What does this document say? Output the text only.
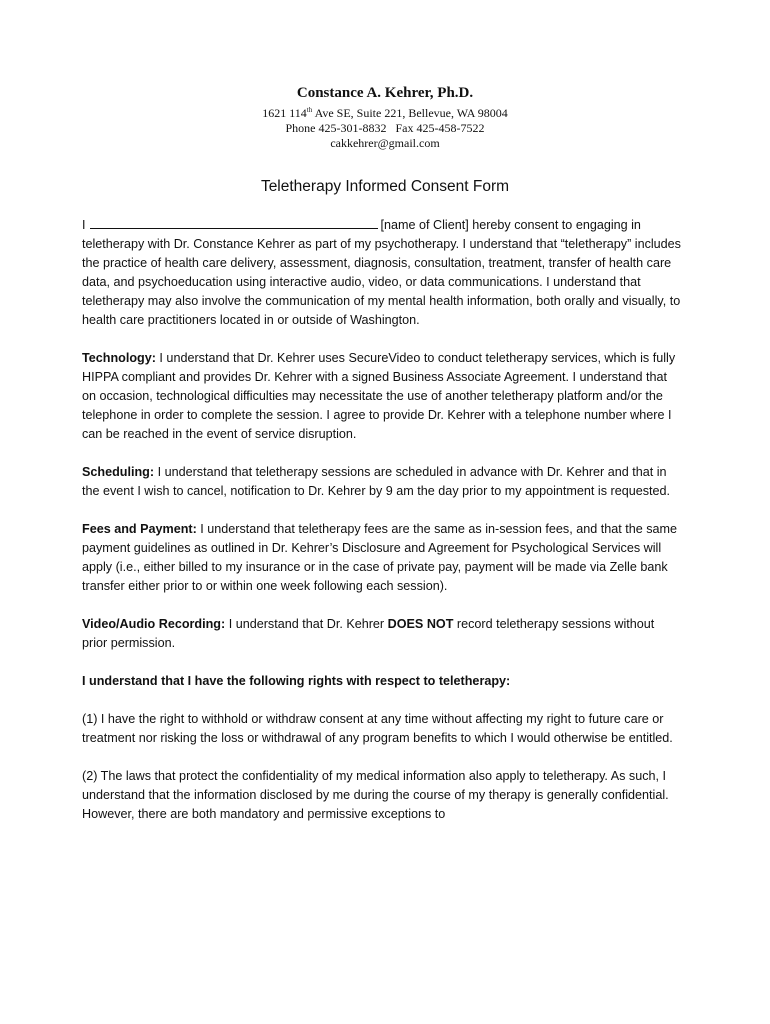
Constance A. Kehrer, Ph.D.
1621 114th Ave SE, Suite 221, Bellevue, WA 98004
Phone 425-301-8832   Fax 425-458-7522
cakkehrer@gmail.com
Teletherapy Informed Consent Form

I	[name of Client] hereby consent to engaging in teletherapy with Dr. Constance Kehrer as part of my psychotherapy. I understand that “teletherapy” includes the practice of health care delivery, assessment, diagnosis, consultation, treatment, transfer of health care data, and psychoeducation using interactive audio, video, or data communications. I understand that teletherapy may also involve the communication of my mental health information, both orally and visually, to health care practitioners located in or outside of Washington.

Technology: I understand that Dr. Kehrer uses SecureVideo to conduct teletherapy services, which is fully HIPPA compliant and provides Dr. Kehrer with a signed Business Associate Agreement. I understand that on occasion, technological difficulties may necessitate the use of another teletherapy platform and/or the telephone in order to complete the session. I agree to provide Dr. Kehrer with a telephone number where I can be reached in the event of service disruption.

Scheduling: I understand that teletherapy sessions are scheduled in advance with Dr. Kehrer and that in the event I wish to cancel, notification to Dr. Kehrer by 9 am the day prior to my appointment is requested.

Fees and Payment: I understand that teletherapy fees are the same as in-session fees, and that the same payment guidelines as outlined in Dr. Kehrer’s Disclosure and Agreement for Psychological Services will apply (i.e., either billed to my insurance or in the case of private pay, payment will be made via Zelle bank transfer either prior to or within one week following each session).

Video/Audio Recording: I understand that Dr. Kehrer DOES NOT record teletherapy sessions without prior permission.

I understand that I have the following rights with respect to teletherapy:

(1) I have the right to withhold or withdraw consent at any time without affecting my right to future care or treatment nor risking the loss or withdrawal of any program benefits to which I would otherwise be entitled.

(2) The laws that protect the confidentiality of my medical information also apply to teletherapy. As such, I understand that the information disclosed by me during the course of my therapy is generally confidential. However, there are both mandatory and permissive exceptions to
